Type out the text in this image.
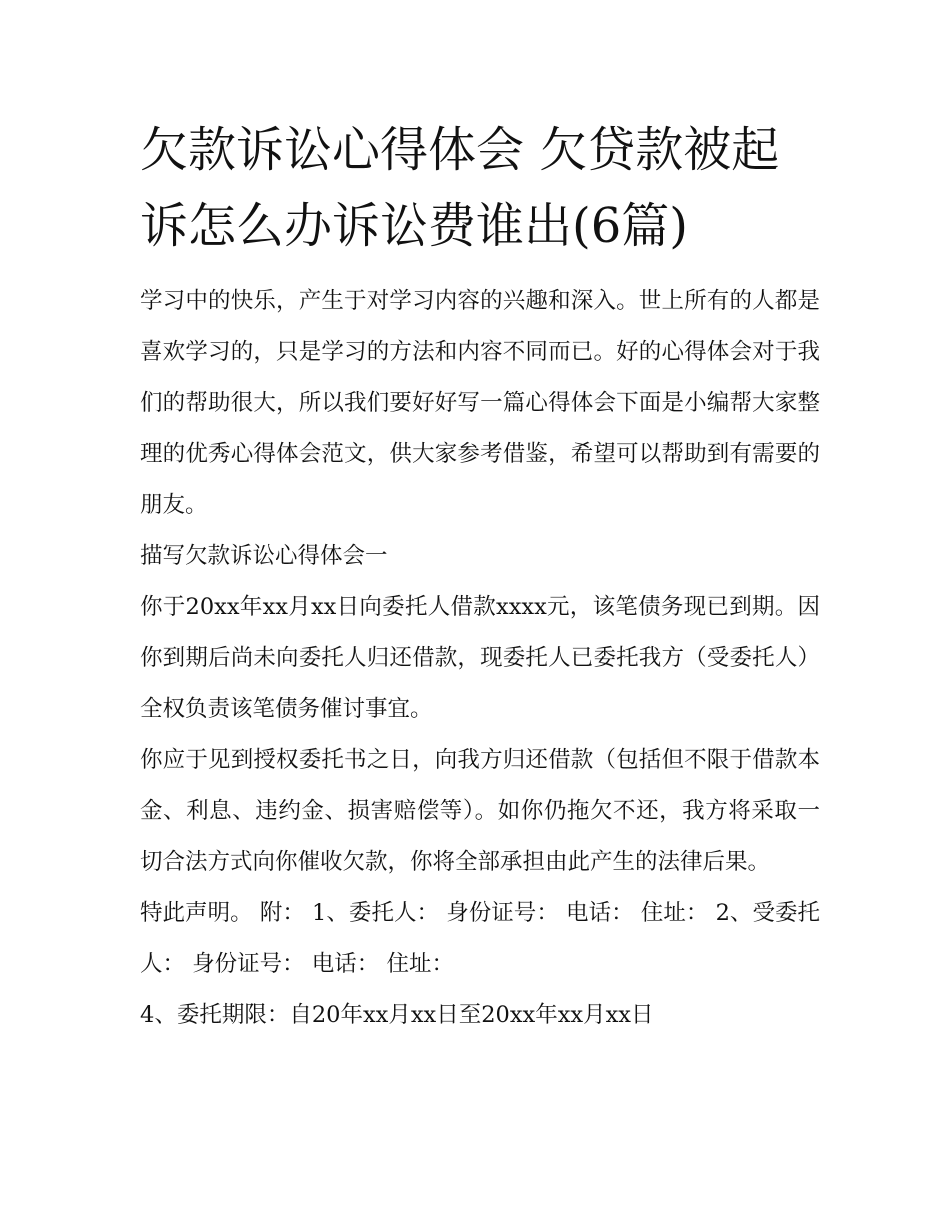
欠款诉讼心得体会 欠贷款被起诉怎么办诉讼费谁出(6篇)

学习中的快乐，产生于对学习内容的兴趣和深入。世上所有的人都是喜欢学习的，只是学习的方法和内容不同而已。好的心得体会对于我们的帮助很大，所以我们要好好写一篇心得体会下面是小编帮大家整理的优秀心得体会范文，供大家参考借鉴，希望可以帮助到有需要的朋友。

描写欠款诉讼心得体会一

你于20xx年xx月xx日向委托人借款xxxx元，该笔债务现已到期。因你到期后尚未向委托人归还借款，现委托人已委托我方（受委托人）全权负责该笔债务催讨事宜。

你应于见到授权委托书之日，向我方归还借款（包括但不限于借款本金、利息、违约金、损害赔偿等）。如你仍拖欠不还，我方将采取一切合法方式向你催收欠款，你将全部承担由此产生的法律后果。

特此声明。 附： 1、委托人： 身份证号： 电话： 住址： 2、受委托人： 身份证号： 电话： 住址：

4、委托期限：自20年xx月xx日至20xx年xx月xx日
